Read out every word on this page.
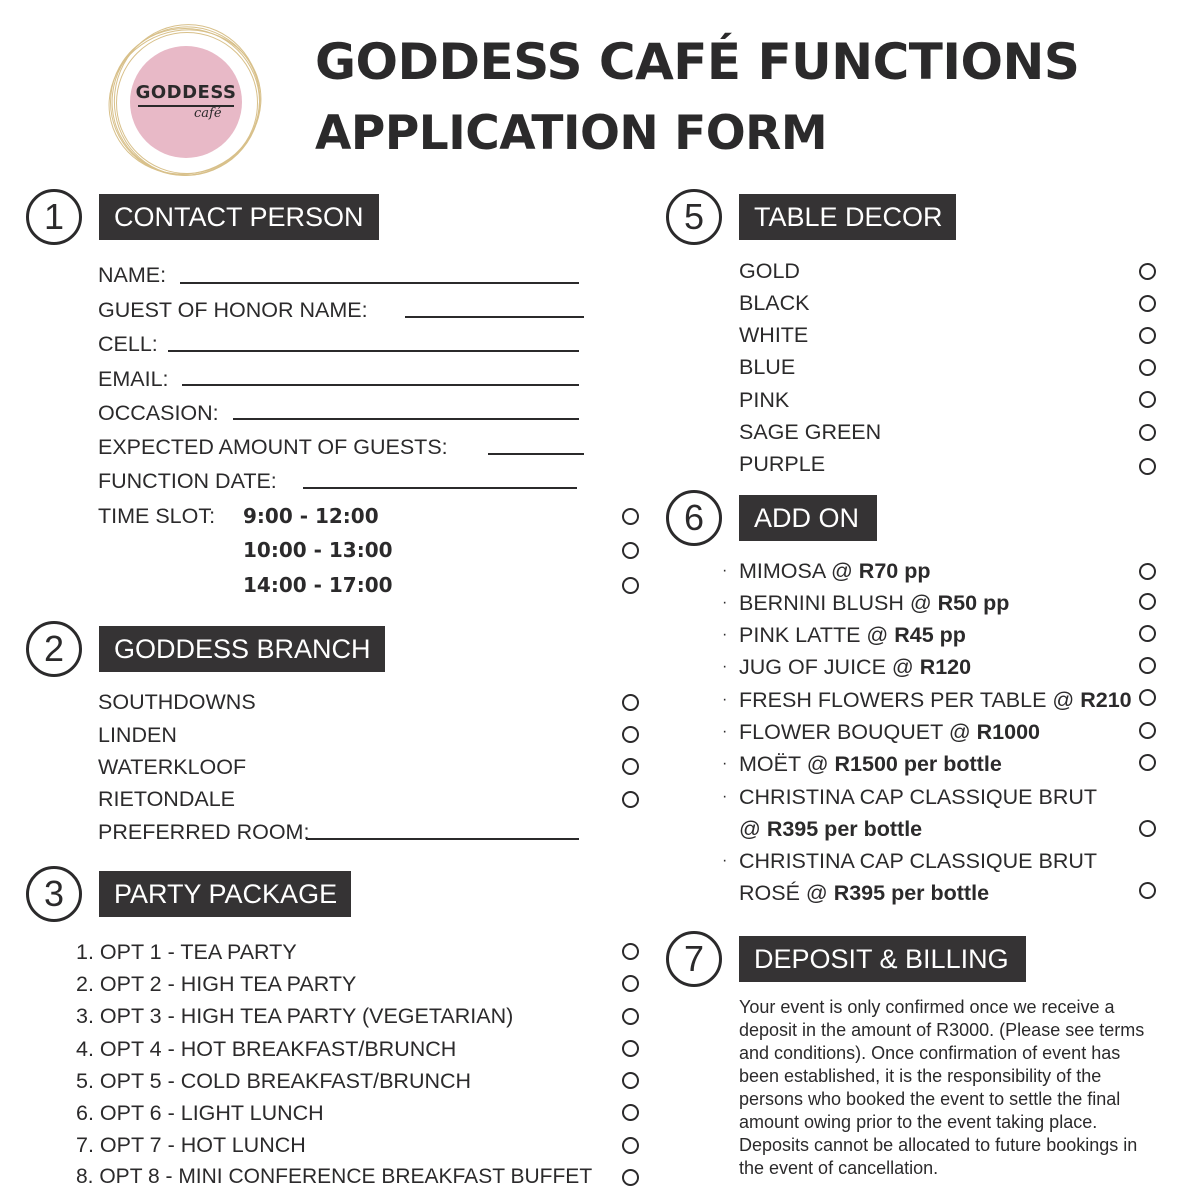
GODDESS
café
GODDESS CAFÉ FUNCTIONS
APPLICATION FORM
1	CONTACT PERSON
NAME:
GUEST OF HONOR NAME:
CELL:
EMAIL:
OCCASION:
EXPECTED AMOUNT OF GUESTS:
FUNCTION DATE:
TIME SLOT: 9:00 - 12:00
10:00 - 13:00
14:00 - 17:00
2	GODDESS BRANCH
SOUTHDOWNS
LINDEN
WATERKLOOF
RIETONDALE
PREFERRED ROOM:
3	PARTY PACKAGE
1. OPT 1 - TEA PARTY
2. OPT 2 - HIGH TEA PARTY
3. OPT 3 - HIGH TEA PARTY (VEGETARIAN)
4. OPT 4 - HOT BREAKFAST/BRUNCH
5. OPT 5 - COLD BREAKFAST/BRUNCH
6. OPT 6 - LIGHT LUNCH
7. OPT 7 - HOT LUNCH
8. OPT 8 - MINI CONFERENCE BREAKFAST BUFFET
5	TABLE DECOR
GOLD
BLACK
WHITE
BLUE
PINK
SAGE GREEN
PURPLE
6	ADD ON
· MIMOSA @ R70 pp
· BERNINI BLUSH @ R50 pp
· PINK LATTE @ R45 pp
· JUG OF JUICE @ R120
· FRESH FLOWERS PER TABLE @ R210
· FLOWER BOUQUET @ R1000
· MOËT @ R1500 per bottle
· CHRISTINA CAP CLASSIQUE BRUT
@ R395 per bottle
· CHRISTINA CAP CLASSIQUE BRUT
ROSÉ @ R395 per bottle
7	DEPOSIT & BILLING
Your event is only confirmed once we receive a deposit in the amount of R3000. (Please see terms and conditions). Once confirmation of event has been established, it is the responsibility of the persons who booked the event to settle the final amount owing prior to the event taking place. Deposits cannot be allocated to future bookings in the event of cancellation.
